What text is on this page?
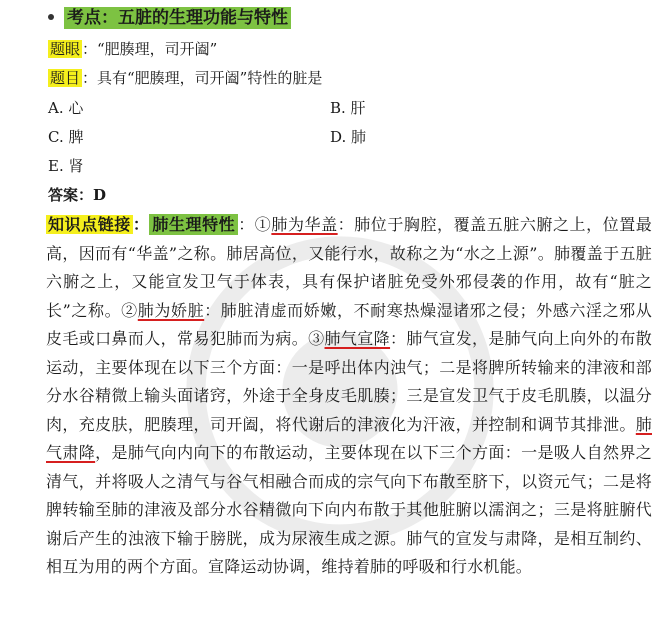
考点：五脏的生理功能与特性
题眼 ：“肥腠理，司开阖”
题目 ：具有“肥腠理，司开阖”特性的脏是
A. 心	B. 肝
C. 脾	D. 肺
E. 肾
答案：D
知识点链接 ： 肺生理特性 ：①肺为华盖：肺位于胸腔，覆盖五脏六腑之上，位置最高，因而有“华盖”之称。肺居高位，又能行水，故称之为“水之上源”。肺覆盖于五脏六腑之上，又能宣发卫气于体表，具有保护诸脏免受外邪侵袭的作用，故有“脏之长”之称。②肺为娇脏：肺脏清虚而娇嫩，不耐寒热燥湿诸邪之侵；外感六淫之邪从皮毛或口鼻而人，常易犯肺而为病。③肺气宣降：肺气宣发，是肺气向上向外的布散运动，主要体现在以下三个方面：一是呼出体内浊气；二是将脾所转输来的津液和部分水谷精微上输头面诸窍，外途于全身皮毛肌腠；三是宣发卫气于皮毛肌腠，以温分肉，充皮肤，肥腠理，司开阖，将代谢后的津液化为汗液，并控制和调节其排泄。肺气肃降，是肺气向内向下的布散运动，主要体现在以下三个方面：一是吸人自然界之清气，并将吸人之清气与谷气相融合而成的宗气向下布散至脐下，以资元气；二是将脾转输至肺的津液及部分水谷精微向下向内布散于其他脏腑以濡润之；三是将脏腑代谢后产生的浊液下输于膀胱，成为尿液生成之源。肺气的宣发与肃降，是相互制约、相互为用的两个方面。宣降运动协调，维持着肺的呼吸和行水机能。
